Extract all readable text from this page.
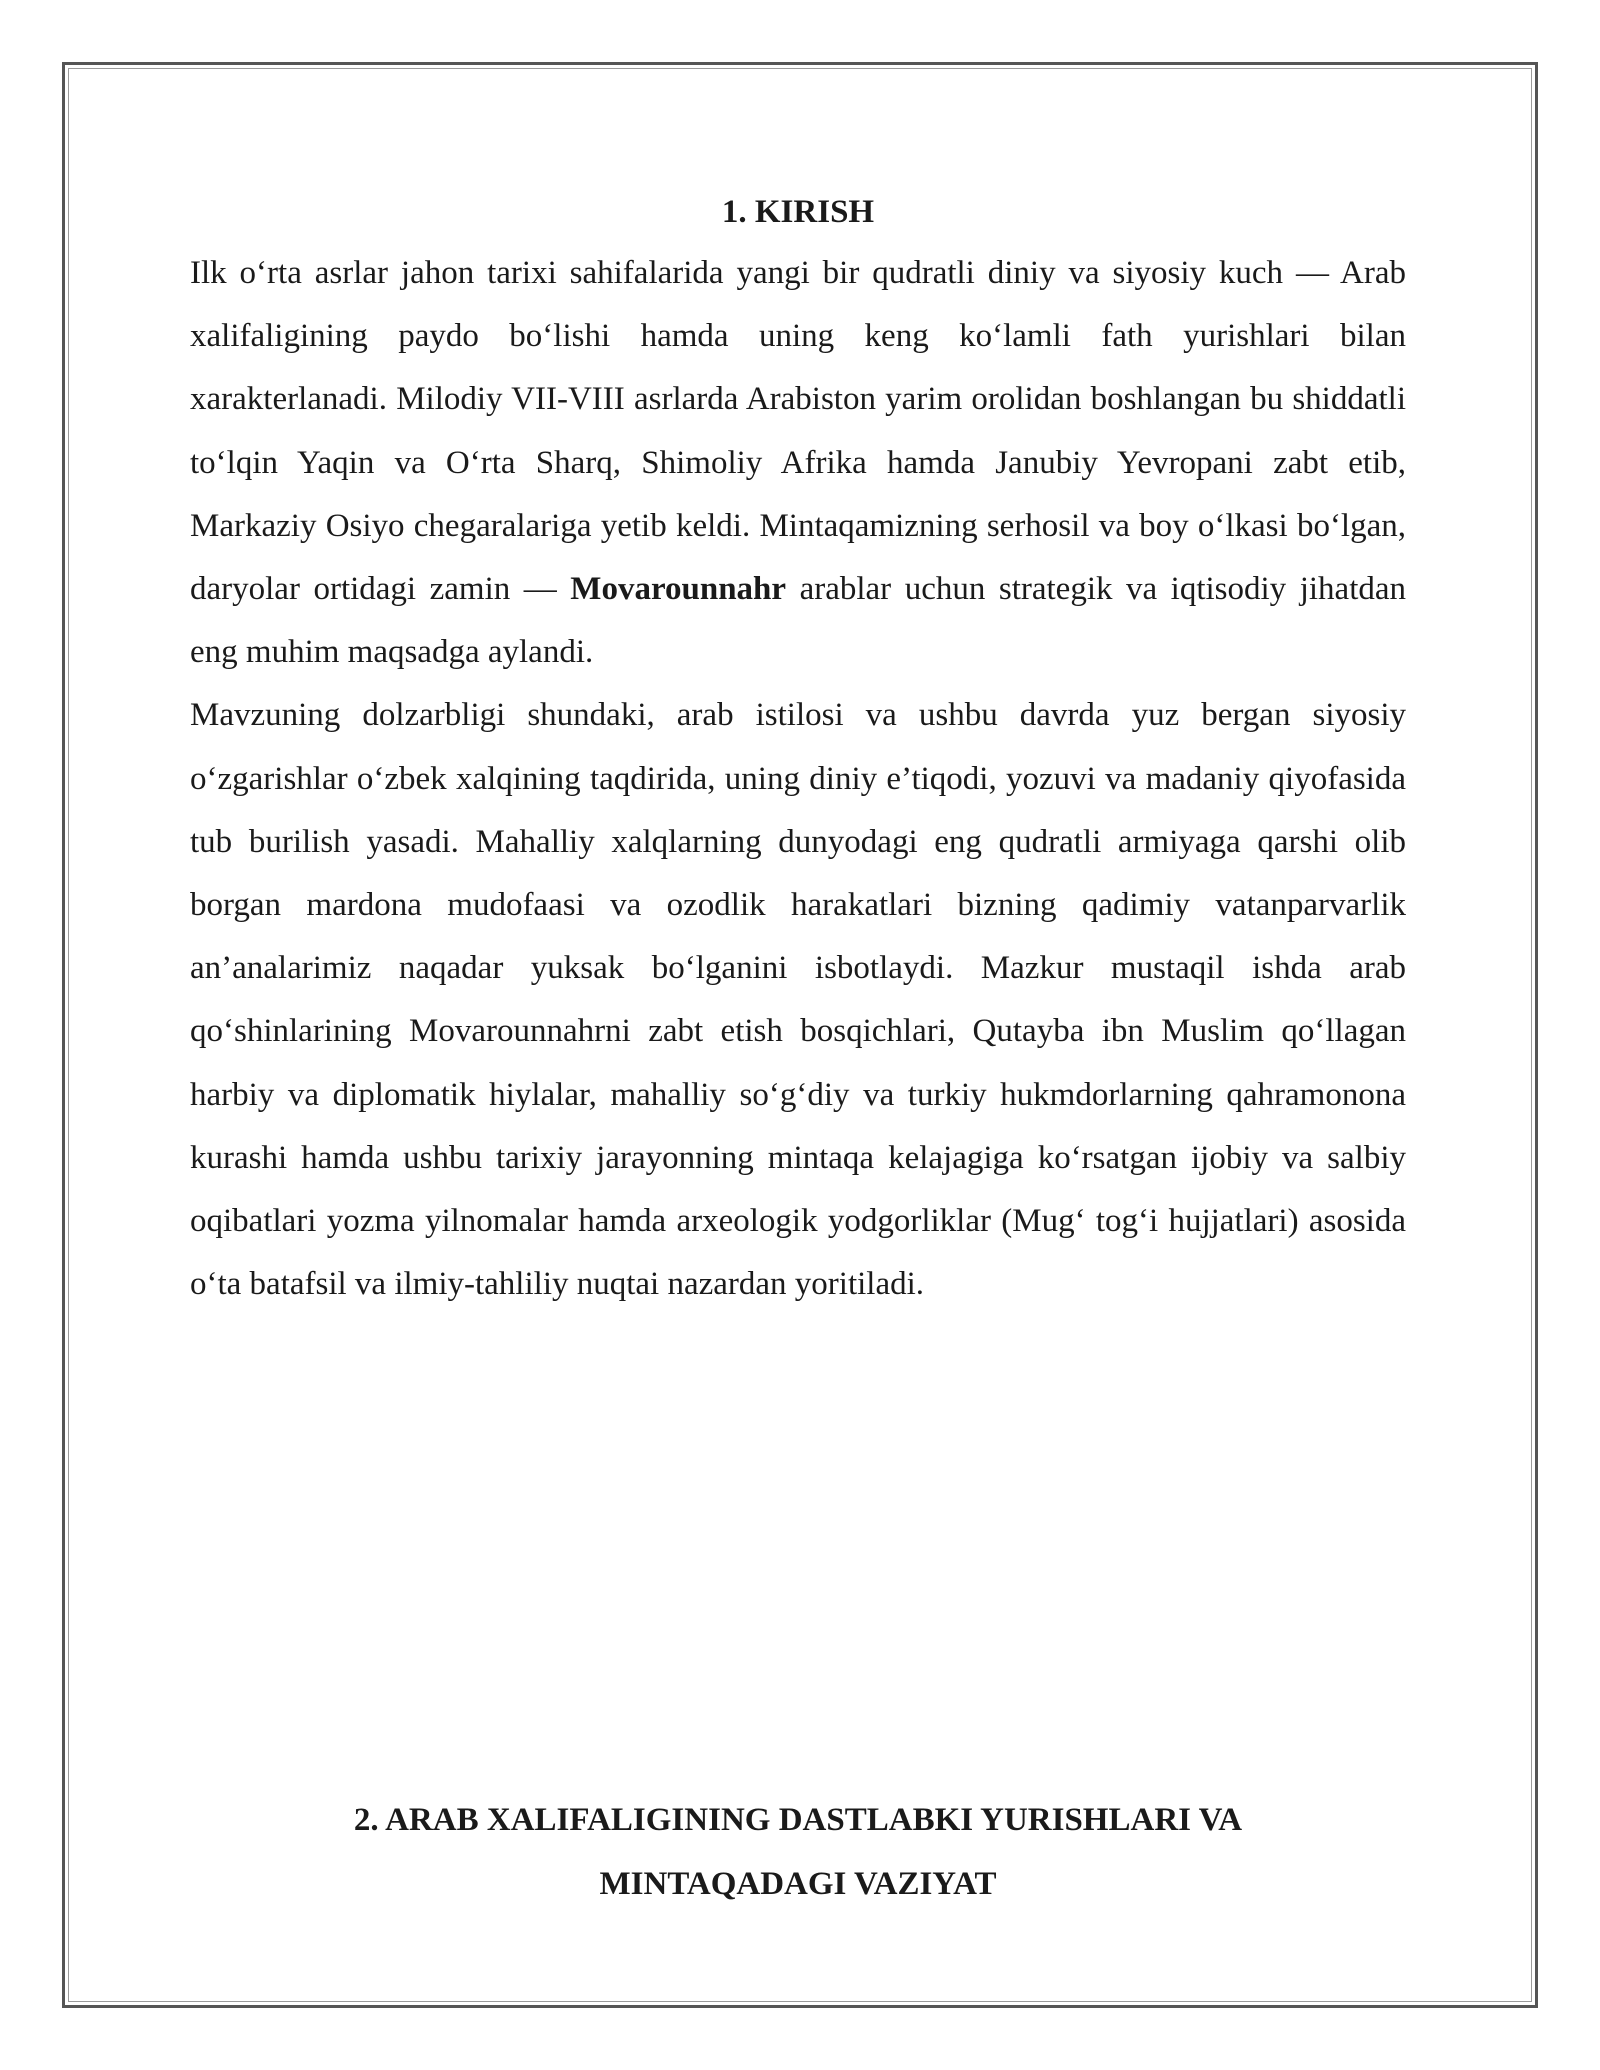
1. KIRISH

Ilk o‘rta asrlar jahon tarixi sahifalarida yangi bir qudratli diniy va siyosiy kuch — Arab xalifaligining paydo bo‘lishi hamda uning keng ko‘lamli fath yurishlari bilan xarakterlanadi. Milodiy VII-VIII asrlarda Arabiston yarim orolidan boshlangan bu shiddatli to‘lqin Yaqin va O‘rta Sharq, Shimoliy Afrika hamda Janubiy Yevropani zabt etib, Markaziy Osiyo chegaralariga yetib keldi. Mintaqamizning serhosil va boy o‘lkasi bo‘lgan, daryolar ortidagi zamin — Movarounnahr arablar uchun strategik va iqtisodiy jihatdan eng muhim maqsadga aylandi.

Mavzuning dolzarbligi shundaki, arab istilosi va ushbu davrda yuz bergan siyosiy o‘zgarishlar o‘zbek xalqining taqdirida, uning diniy e’tiqodi, yozuvi va madaniy qiyofasida tub burilish yasadi. Mahalliy xalqlarning dunyodagi eng qudratli armiyaga qarshi olib borgan mardona mudofaasi va ozodlik harakatlari bizning qadimiy vatanparvarlik an’analarimiz naqadar yuksak bo‘lganini isbotlaydi. Mazkur mustaqil ishda arab qo‘shinlarining Movarounnahrni zabt etish bosqichlari, Qutayba ibn Muslim qo‘llagan harbiy va diplomatik hiylalar, mahalliy so‘g‘diy va turkiy hukmdorlarning qahramonona kurashi hamda ushbu tarixiy jarayonning mintaqa kelajagiga ko‘rsatgan ijobiy va salbiy oqibatlari yozma yilnomalar hamda arxeologik yodgorliklar (Mug‘ tog‘i hujjatlari) asosida o‘ta batafsil va ilmiy-tahliliy nuqtai nazardan yoritiladi.

2. ARAB XALIFALIGINING DASTLABKI YURISHLARI VA
MINTAQADAGI VAZIYAT
